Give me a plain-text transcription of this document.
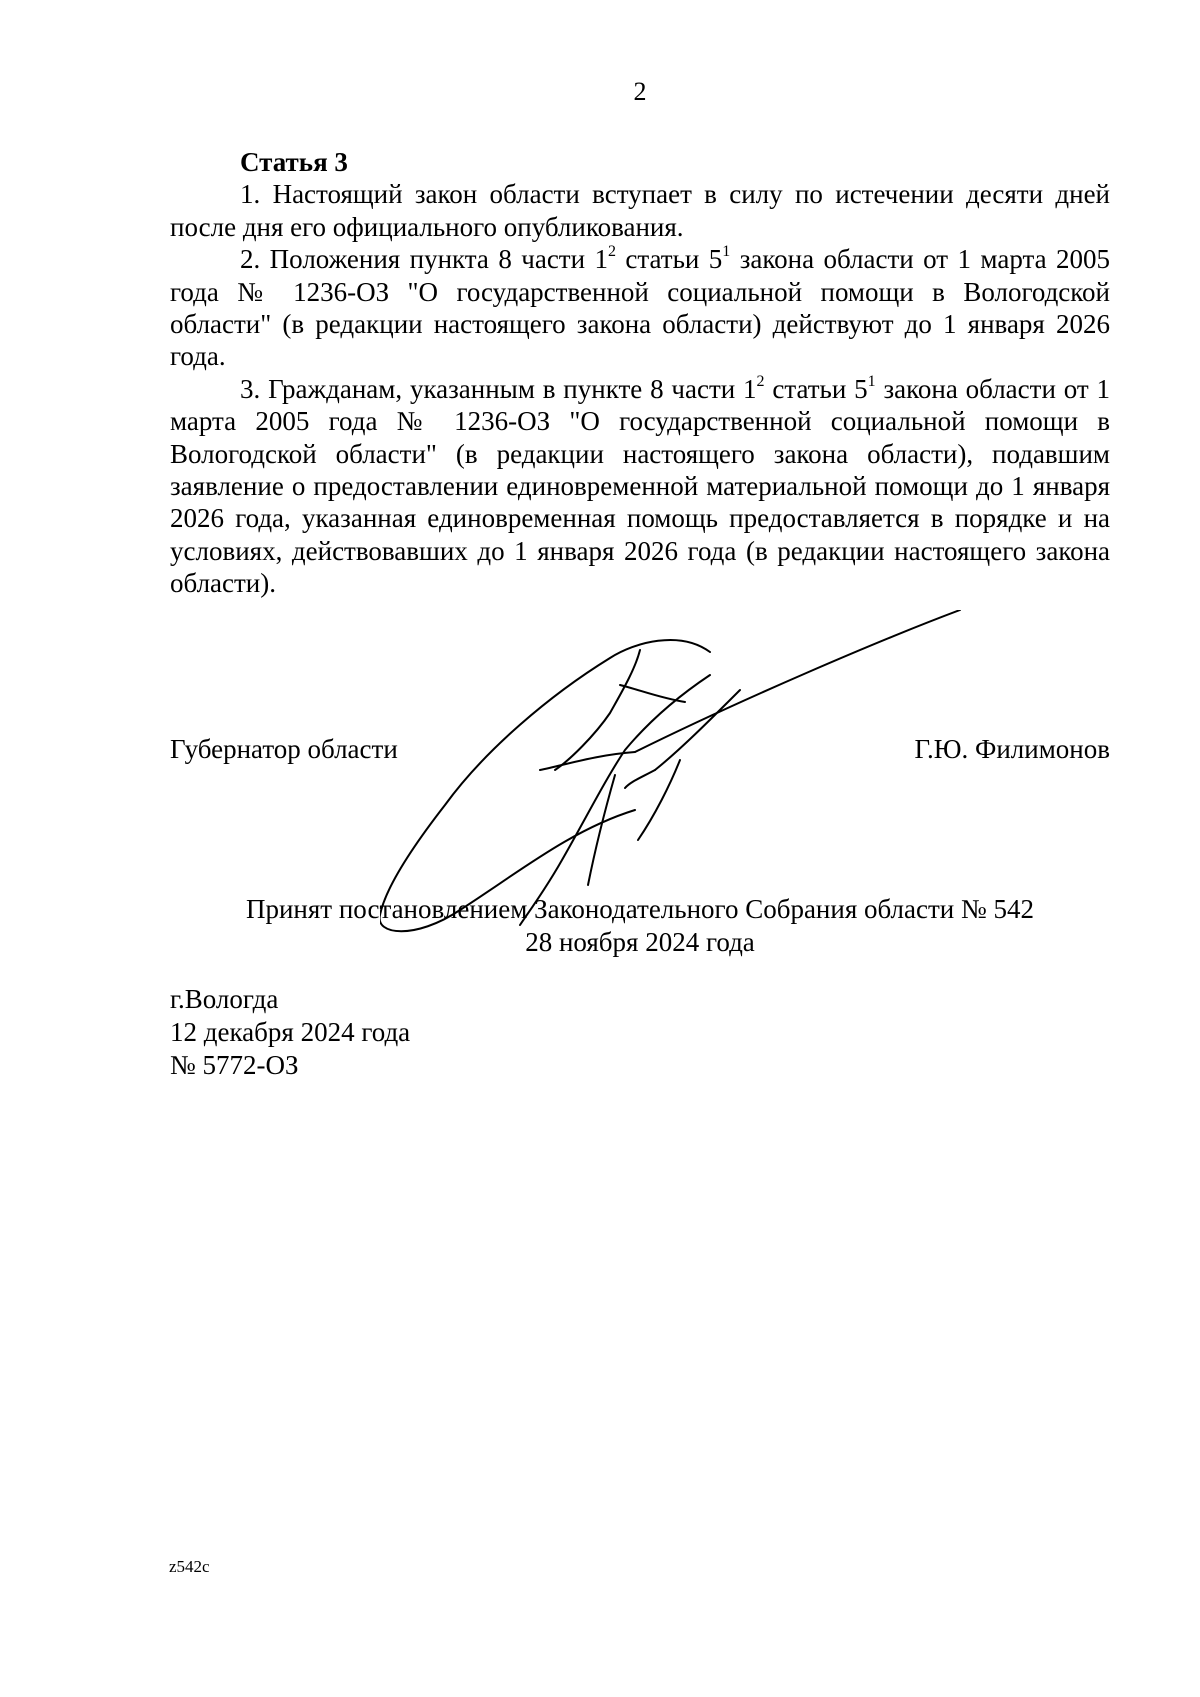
2

Статья 3

1. Настоящий закон области вступает в силу по истечении десяти дней после дня его официального опубликования.

2. Положения пункта 8 части $1^2$ статьи $5^1$ закона области от 1 марта 2005 года № 1236-ОЗ "О государственной социальной помощи в Вологодской области" (в редакции настоящего закона области) действуют до 1 января 2026 года.

3. Гражданам, указанным в пункте 8 части $1^2$ статьи $5^1$ закона области от 1 марта 2005 года № 1236-ОЗ "О государственной социальной помощи в Вологодской области" (в редакции настоящего закона области), подавшим заявление о предоставлении единовременной материальной помощи до 1 января 2026 года, указанная единовременная помощь предоставляется в порядке и на условиях, действовавших до 1 января 2026 года (в редакции настоящего закона области).

Губернатор области	Г.Ю. Филимонов
Принят постановлением Законодательного Собрания области № 542
28 ноября 2024 года
г.Вологда
12 декабря 2024 года
№ 5772-ОЗ
z542c
